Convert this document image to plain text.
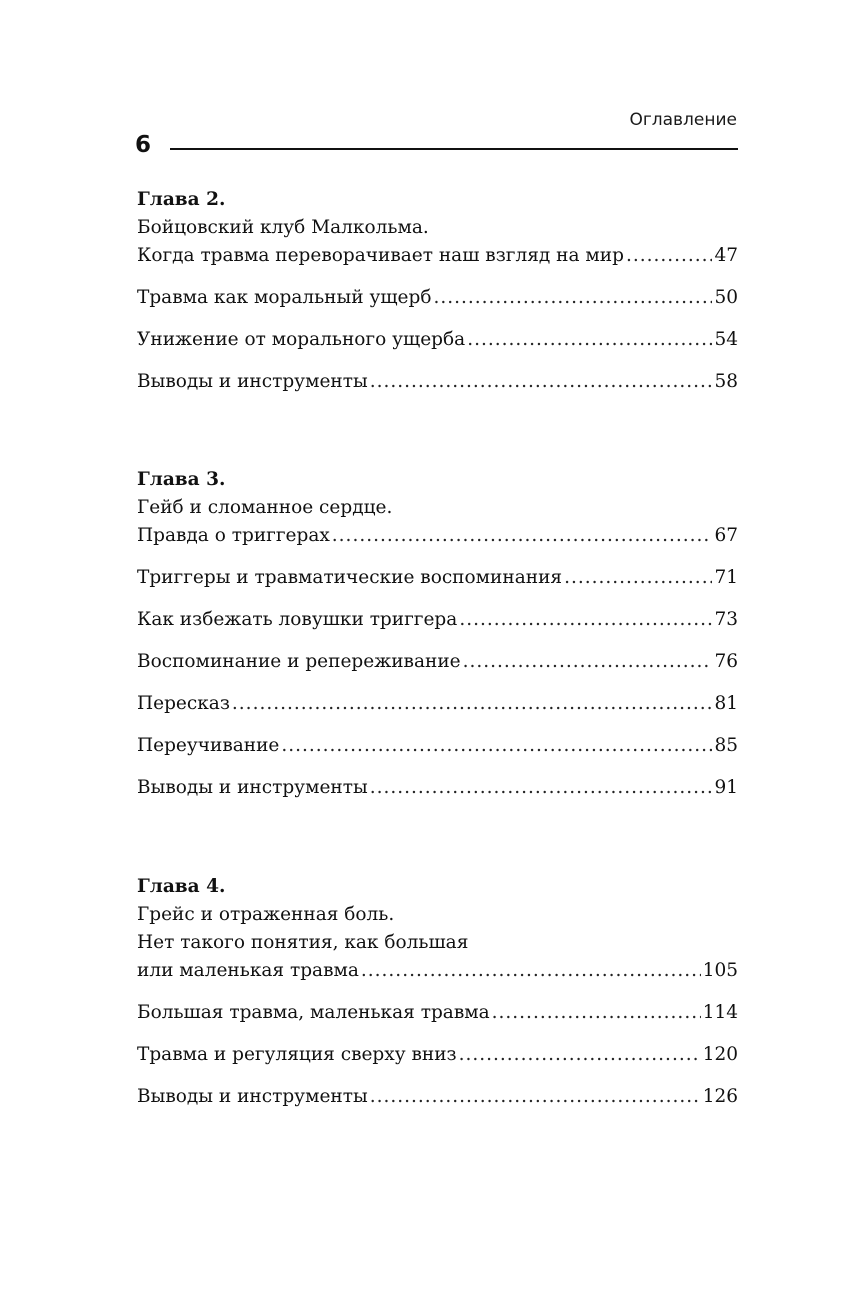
Оглавление
6
Глава 2.
Бойцовский клуб Малкольма.
Когда травма переворачивает наш взгляд на мир .....	47
Травма как моральный ущерб .....	50
Унижение от морального ущерба .....	54
Выводы и инструменты .....	58
Глава 3.
Гейб и сломанное сердце.
Правда о триггерах .....	67
Триггеры и травматические воспоминания .....	71
Как избежать ловушки триггера .....	73
Воспоминание и репереживание .....	76
Пересказ .....	81
Переучивание .....	85
Выводы и инструменты .....	91
Глава 4.
Грейс и отраженная боль.
Нет такого понятия, как большая
или маленькая травма .....	105
Большая травма, маленькая травма .....	114
Травма и регуляция сверху вниз .....	120
Выводы и инструменты .....	126
